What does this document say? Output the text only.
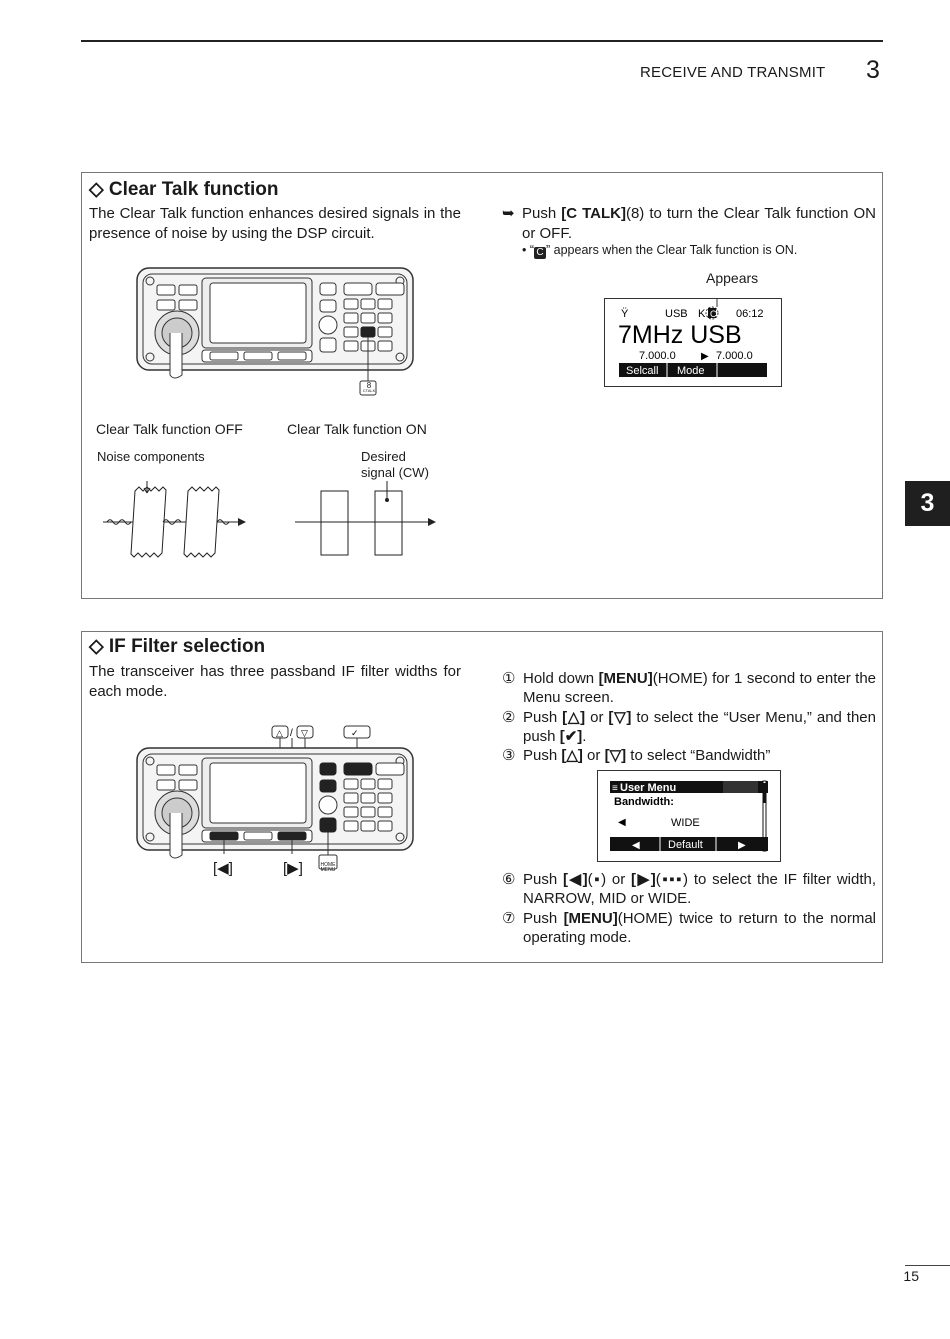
RECEIVE AND TRANSMIT 3
3
◇ Clear Talk function
The Clear Talk function enhances desired signals in the presence of noise by using the DSP circuit.
➥ Push [C TALK](8) to turn the Clear Talk function ON or OFF.
• “ C ” appears when the Clear Talk function is ON.
Appears
Ÿ	USB K C 06:12
7MHz USB
7.000.0	▶ 7.000.0
Selcall Mode
8
CTALK
Clear Talk function OFF	Clear Talk function ON
Noise components	Desired
signal (CW)
◇ IF Filter selection
The transceiver has three passband IF filter widths for each mode.
① Hold down [MENU](HOME) for 1 second to enter the Menu screen.
② Push [△] or [▽] to select the “User Menu,” and then push [✔].
③ Push [△] or [▽] to select “Bandwidth”
≡ User Menu
Bandwidth:
◀	WIDE
◀	Default	▶
⑥ Push [◀](▪) or [▶](▪▪▪) to select the IF filter width, NARROW, MID or WIDE.
⑦ Push [MENU](HOME) twice to return to the normal operating mode.
△ / ▽	✓
[◀]	[▶]	HOME
MENU
15
